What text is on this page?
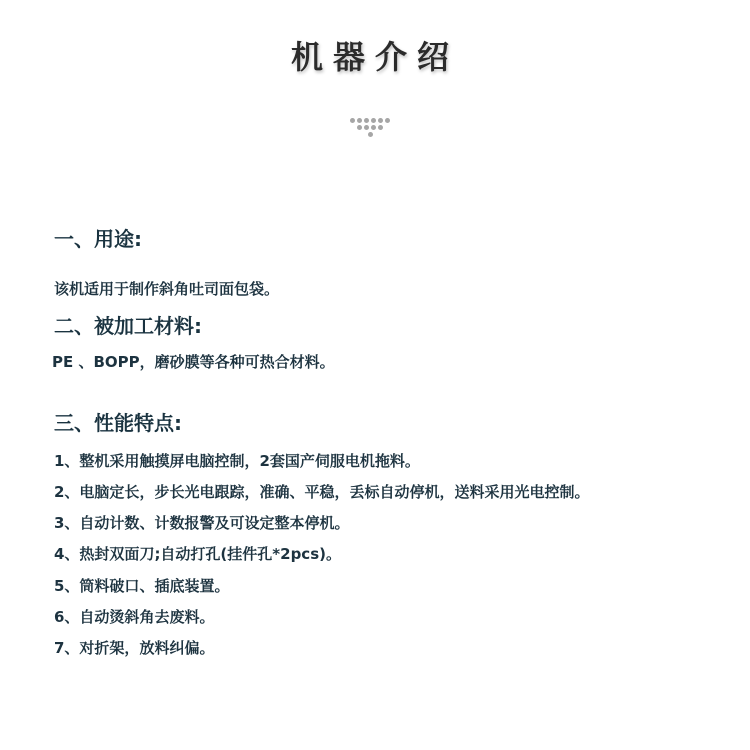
机器介绍
一、用途:
该机适用于制作斜角吐司面包袋。
二、被加工材料:
PE 、BOPP，磨砂膜等各种可热合材料。
三、性能特点:
1、整机采用触摸屏电脑控制，2套国产伺服电机拖料。
2、电脑定长，步长光电跟踪，准确、平稳，丢标自动停机，送料采用光电控制。
3、自动计数、计数报警及可设定整本停机。
4、热封双面刀;自动打孔(挂件孔*2pcs)。
5、筒料破口、插底装置。
6、自动烫斜角去废料。
7、对折架，放料纠偏。
